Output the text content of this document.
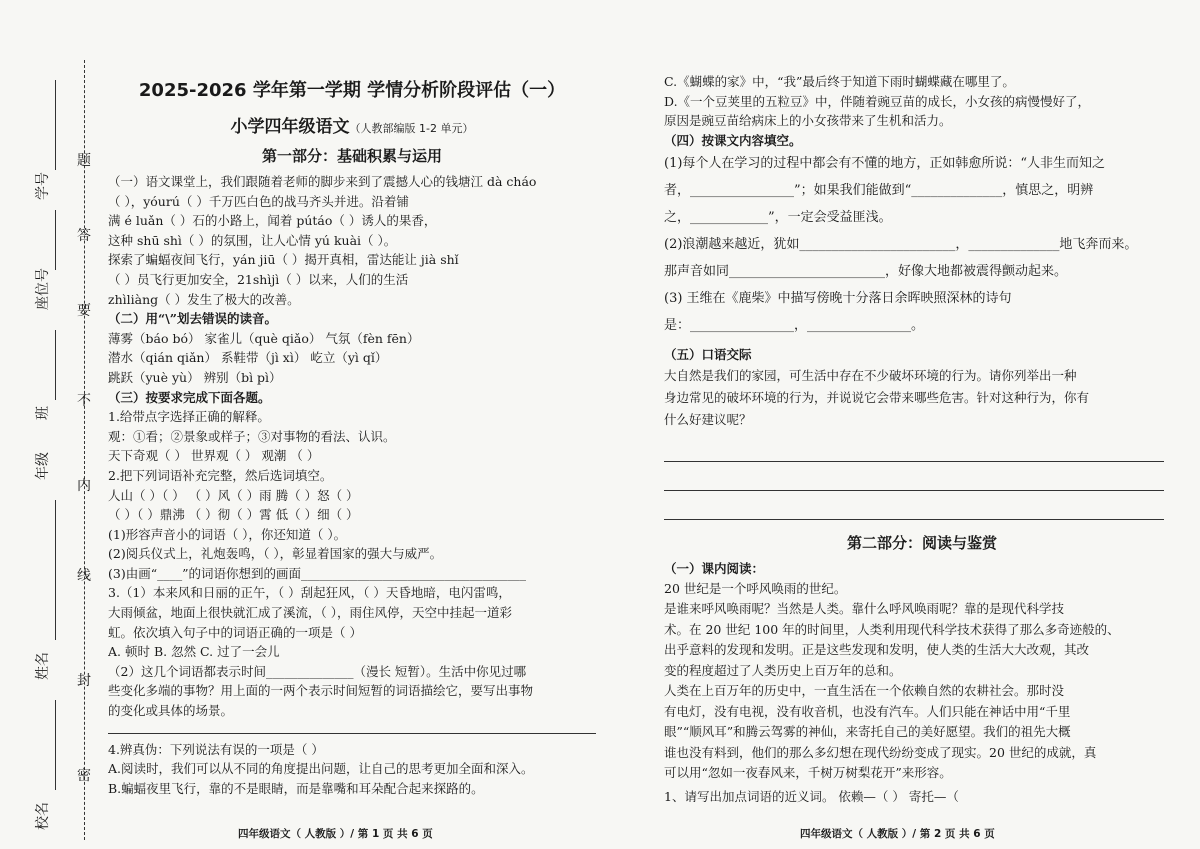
题
答
要
不
内
线
封
密
学号
座位号
班
年级
姓名
校名
2025-2026 学年第一学期 学情分析阶段评估（一）
小学四年级语文（人教部编版 1-2 单元）
第一部分：基础积累与运用
（一）语文课堂上，我们跟随着老师的脚步来到了震撼人心的钱塘江 dà cháo
（ ），yóurú（ ）千万匹白色的战马齐头并进。沿着铺
满 é luǎn（ ）石的小路上，闻着 pútáo（ ）诱人的果香，
这种 shū shì（ ）的氛围，让人心情 yú kuài（ ）。
探索了蝙蝠夜间飞行，yán jiū（ ）揭开真相，雷达能让 jià shǐ
（ ）员飞行更加安全，21shìjì（ ）以来，人们的生活
zhìliàng（ ）发生了极大的改善。
（二）用“\”划去错误的读音。
薄雾（báo bó） 家雀儿（què qiǎo） 气氛（fèn fēn）
潜水（qián qiǎn） 系鞋带（jì xì） 屹立（yì qǐ）
跳跃（yuè yù） 辨别（bì pì）
（三）按要求完成下面各题。
1.给带点字选择正确的解释。
观：①看；②景象或样子；③对事物的看法、认识。
天下奇观（ ） 世界观（ ） 观潮 （ ）
2.把下列词语补充完整，然后选词填空。
人山（ ）（ ） （ ）风（ ）雨 腾（ ）怒（ ）
（ ）（ ）鼎沸 （ ）彻（ ）霄 低（ ）细（ ）
(1)形容声音小的词语（ ），你还知道（ ）。
(2)阅兵仪式上，礼炮轰鸣，（ ），彰显着国家的强大与威严。
(3)由画“____”的词语你想到的画面____________________________________
3.（1）本来风和日丽的正午，（ ）刮起狂风，（ ）天昏地暗，电闪雷鸣，
大雨倾盆，地面上很快就汇成了溪流，（ ），雨住风停，天空中挂起一道彩
虹。依次填入句子中的词语正确的一项是（ ）
A. 顿时 B. 忽然 C. 过了一会儿
（2）这几个词语都表示时间______________（漫长 短暂）。生活中你见过哪
些变化多端的事物？用上面的一两个表示时间短暂的词语描绘它，要写出事物
的变化或具体的场景。
4.辨真伪：下列说法有误的一项是（ ）
A.阅读时，我们可以从不同的角度提出问题，让自己的思考更加全面和深入。
B.蝙蝠夜里飞行，靠的不是眼睛，而是靠嘴和耳朵配合起来探路的。
四年级语文（ 人教版 ）/ 第 1 页 共 6 页
C.《蝴蝶的家》中，“我”最后终于知道下雨时蝴蝶藏在哪里了。
D.《一个豆荚里的五粒豆》中，伴随着豌豆苗的成长，小女孩的病慢慢好了，
原因是豌豆苗给病床上的小女孩带来了生机和活力。
（四）按课文内容填空。
(1)每个人在学习的过程中都会有不懂的地方，正如韩愈所说：“人非生而知之
者，________________”；如果我们能做到“______________，慎思之，明辨
之，____________”，一定会受益匪浅。
(2)浪潮越来越近，犹如________________________，______________地飞奔而来。
那声音如同________________________，好像大地都被震得颤动起来。
(3) 王维在《鹿柴》中描写傍晚十分落日余晖映照深林的诗句
是：________________，________________。
（五）口语交际
大自然是我们的家园，可生活中存在不少破坏环境的行为。请你列举出一种
身边常见的破坏环境的行为，并说说它会带来哪些危害。针对这种行为，你有
什么好建议呢？
第二部分：阅读与鉴赏
（一）课内阅读：
20 世纪是一个呼风唤雨的世纪。
是谁来呼风唤雨呢？当然是人类。靠什么呼风唤雨呢？靠的是现代科学技
术。在 20 世纪 100 年的时间里，人类利用现代科学技术获得了那么多奇迹般的、
出乎意料的发现和发明。正是这些发现和发明，使人类的生活大大改观，其改
变的程度超过了人类历史上百万年的总和。
人类在上百万年的历史中，一直生活在一个依赖自然的农耕社会。那时没
有电灯，没有电视，没有收音机，也没有汽车。人们只能在神话中用“千里
眼”“顺风耳”和腾云驾雾的神仙，来寄托自己的美好愿望。我们的祖先大概
谁也没有料到，他们的那么多幻想在现代纷纷变成了现实。20 世纪的成就，真
可以用“忽如一夜春风来，千树万树梨花开”来形容。
1、请写出加点词语的近义词。 依赖—（ ） 寄托—（
四年级语文（ 人教版 ）/ 第 2 页 共 6 页
